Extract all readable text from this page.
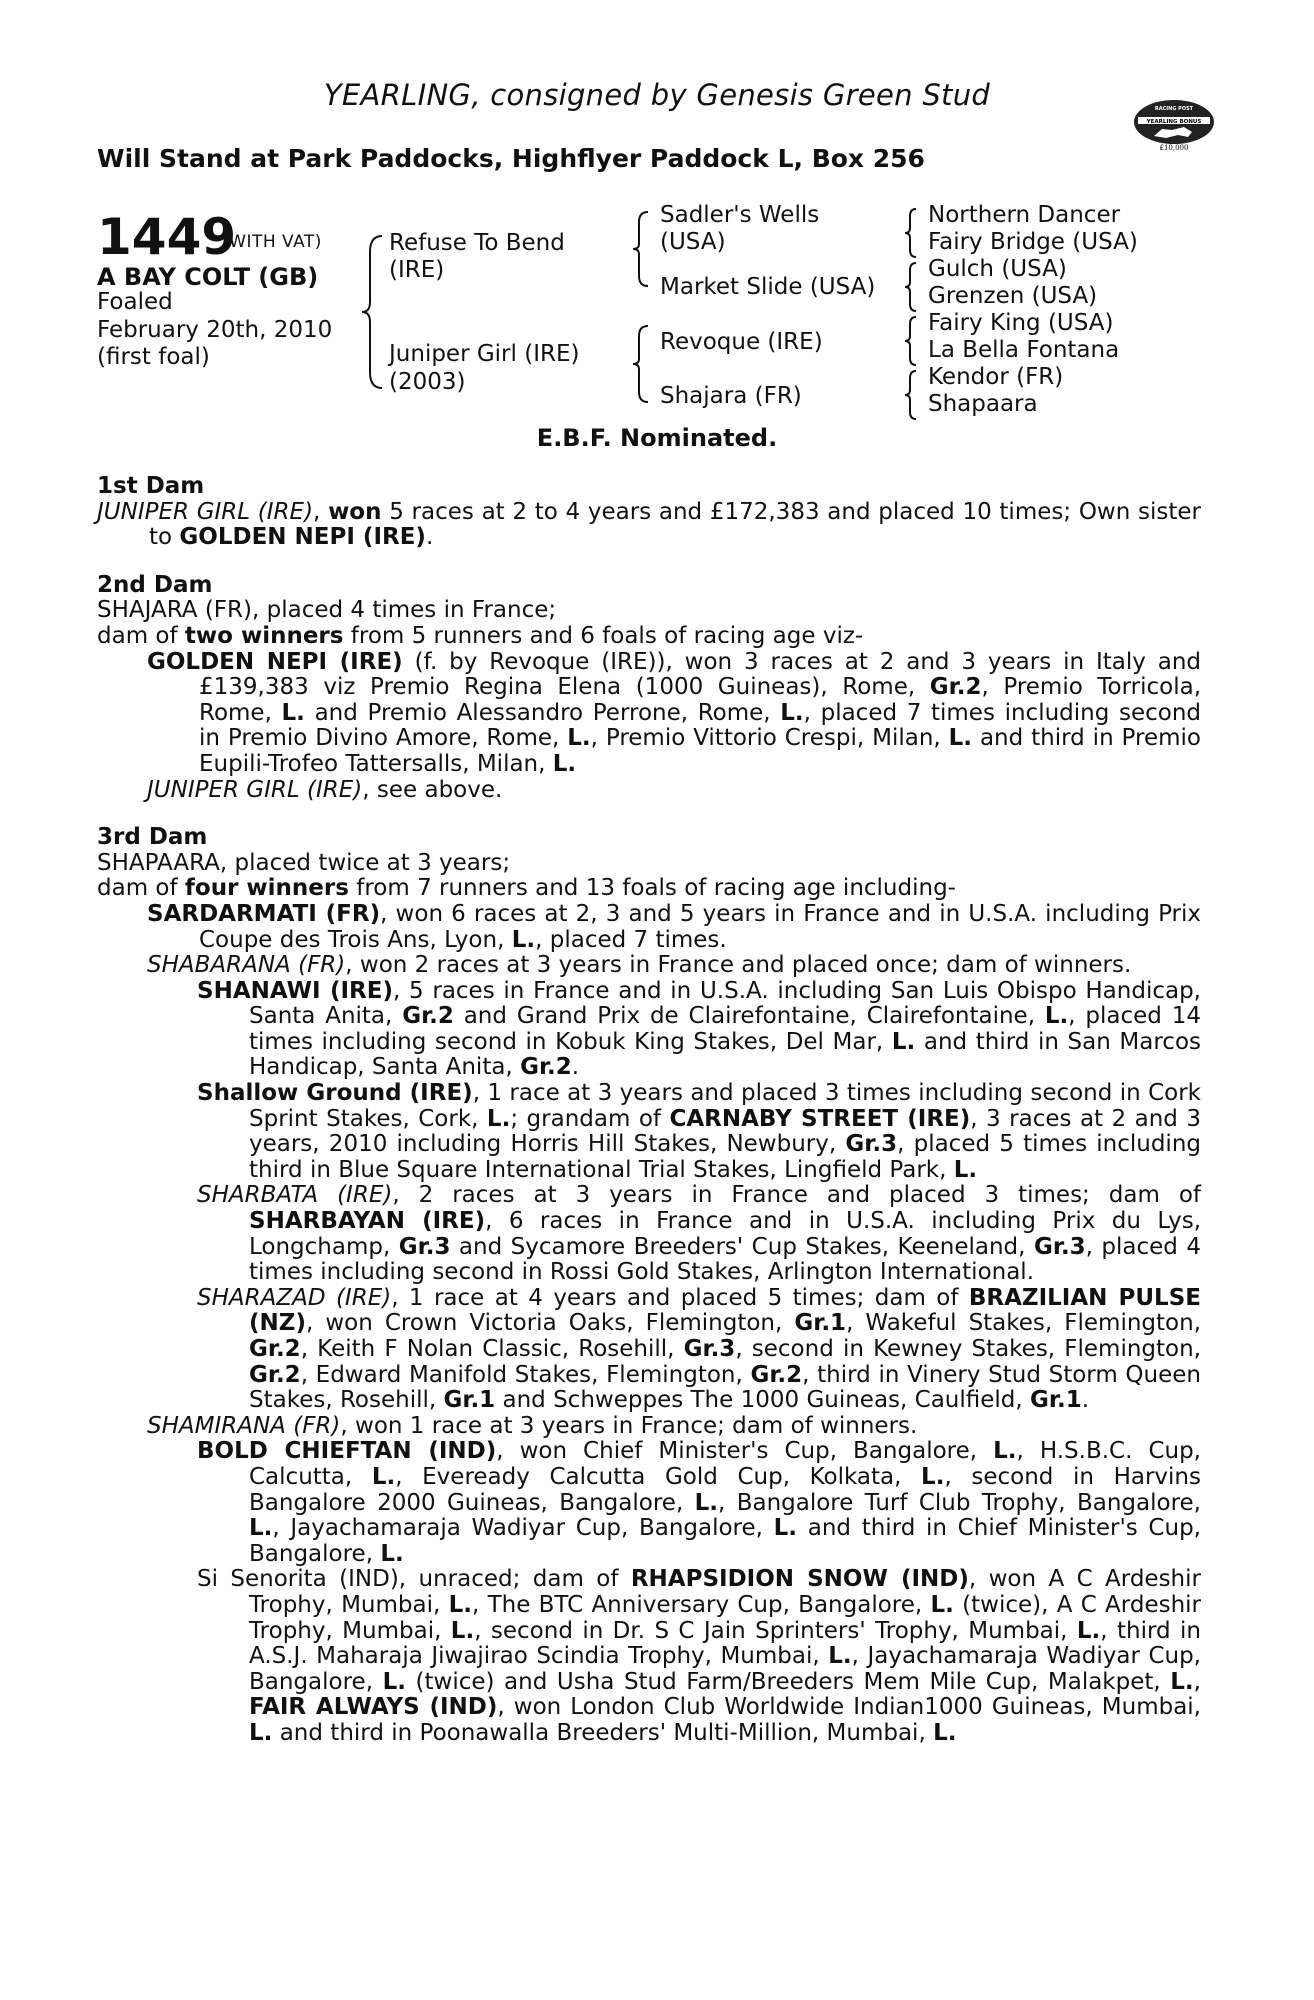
YEARLING, consigned by Genesis Green Stud
Will Stand at Park Paddocks, Highflyer Paddock L, Box 256
RACING POST
YEARLING BONUS
£10,000
1449
(WITH VAT)
A BAY COLT (GB)
Foaled
February 20th, 2010
(first foal)
Refuse To Bend
(IRE)
Juniper Girl (IRE)
(2003)
Sadler's Wells
(USA)
Market Slide (USA)
Revoque (IRE)
Shajara (FR)
Northern Dancer
Fairy Bridge (USA)
Gulch (USA)
Grenzen (USA)
Fairy King (USA)
La Bella Fontana
Kendor (FR)
Shapaara
E.B.F. Nominated.

1st Dam

JUNIPER GIRL (IRE), won 5 races at 2 to 4 years and £172,383 and placed 10 times; Own sister to GOLDEN NEPI (IRE).

2nd Dam

SHAJARA (FR), placed 4 times in France;

dam of two winners from 5 runners and 6 foals of racing age viz-

GOLDEN NEPI (IRE) (f. by Revoque (IRE)), won 3 races at 2 and 3 years in Italy and £139,383 viz Premio Regina Elena (1000 Guineas), Rome, Gr.2, Premio Torricola, Rome, L. and Premio Alessandro Perrone, Rome, L., placed 7 times including second in Premio Divino Amore, Rome, L., Premio Vittorio Crespi, Milan, L. and third in Premio Eupili-Trofeo Tattersalls, Milan, L.

JUNIPER GIRL (IRE), see above.

3rd Dam

SHAPAARA, placed twice at 3 years;

dam of four winners from 7 runners and 13 foals of racing age including-

SARDARMATI (FR), won 6 races at 2, 3 and 5 years in France and in U.S.A. including Prix Coupe des Trois Ans, Lyon, L., placed 7 times.

SHABARANA (FR), won 2 races at 3 years in France and placed once; dam of winners.

SHANAWI (IRE), 5 races in France and in U.S.A. including San Luis Obispo Handicap, Santa Anita, Gr.2 and Grand Prix de Clairefontaine, Clairefontaine, L., placed 14 times including second in Kobuk King Stakes, Del Mar, L. and third in San Marcos Handicap, Santa Anita, Gr.2.

Shallow Ground (IRE), 1 race at 3 years and placed 3 times including second in Cork Sprint Stakes, Cork, L.; grandam of CARNABY STREET (IRE), 3 races at 2 and 3 years, 2010 including Horris Hill Stakes, Newbury, Gr.3, placed 5 times including third in Blue Square International Trial Stakes, Lingfield Park, L.

SHARBATA (IRE), 2 races at 3 years in France and placed 3 times; dam of SHARBAYAN (IRE), 6 races in France and in U.S.A. including Prix du Lys, Longchamp, Gr.3 and Sycamore Breeders' Cup Stakes, Keeneland, Gr.3, placed 4 times including second in Rossi Gold Stakes, Arlington International.

SHARAZAD (IRE), 1 race at 4 years and placed 5 times; dam of BRAZILIAN PULSE (NZ), won Crown Victoria Oaks, Flemington, Gr.1, Wakeful Stakes, Flemington, Gr.2, Keith F Nolan Classic, Rosehill, Gr.3, second in Kewney Stakes, Flemington, Gr.2, Edward Manifold Stakes, Flemington, Gr.2, third in Vinery Stud Storm Queen Stakes, Rosehill, Gr.1 and Schweppes The 1000 Guineas, Caulfield, Gr.1.

SHAMIRANA (FR), won 1 race at 3 years in France; dam of winners.

BOLD CHIEFTAN (IND), won Chief Minister's Cup, Bangalore, L., H.S.B.C. Cup, Calcutta, L., Eveready Calcutta Gold Cup, Kolkata, L., second in Harvins Bangalore 2000 Guineas, Bangalore, L., Bangalore Turf Club Trophy, Bangalore, L., Jayachamaraja Wadiyar Cup, Bangalore, L. and third in Chief Minister's Cup, Bangalore, L.

Si Senorita (IND), unraced; dam of RHAPSIDION SNOW (IND), won A C Ardeshir Trophy, Mumbai, L., The BTC Anniversary Cup, Bangalore, L. (twice), A C Ardeshir Trophy, Mumbai, L., second in Dr. S C Jain Sprinters' Trophy, Mumbai, L., third in A.S.J. Maharaja Jiwajirao Scindia Trophy, Mumbai, L., Jayachamaraja Wadiyar Cup, Bangalore, L. (twice) and Usha Stud Farm/Breeders Mem Mile Cup, Malakpet, L., FAIR ALWAYS (IND), won London Club Worldwide Indian1000 Guineas, Mumbai, L. and third in Poonawalla Breeders' Multi-Million, Mumbai, L.
